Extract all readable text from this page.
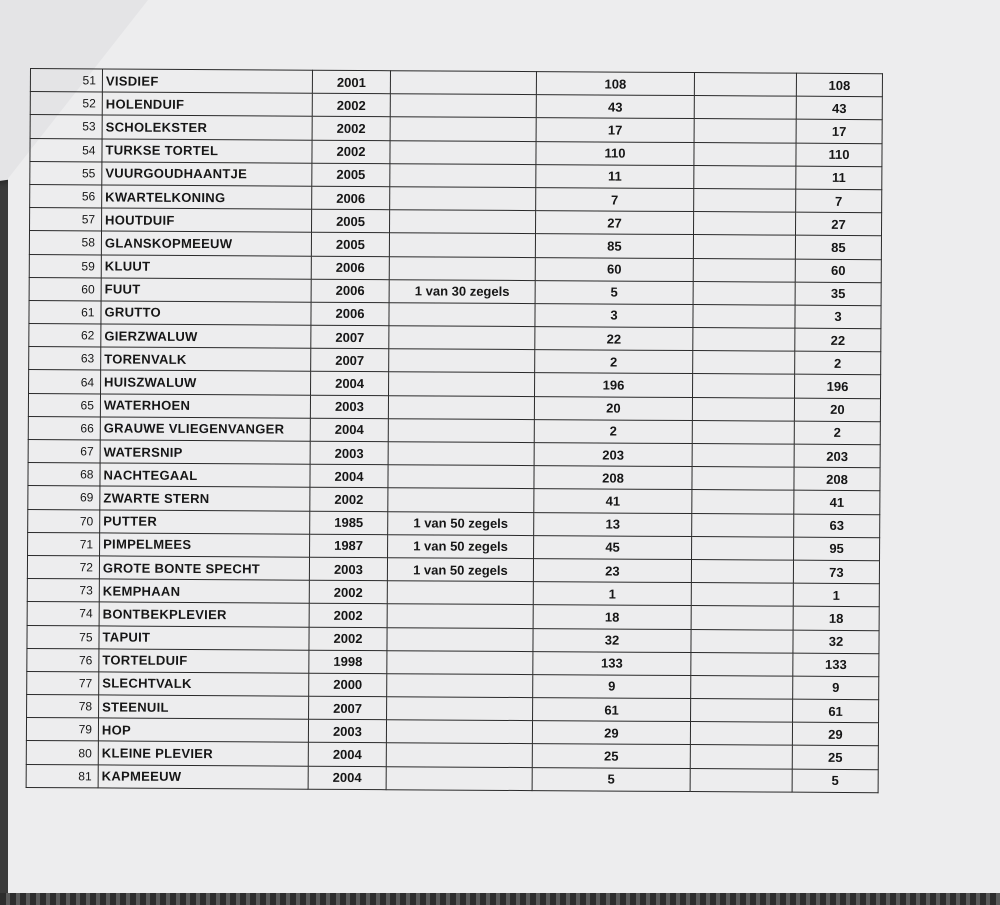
51	VISDIEF	2001		108		108
52	HOLENDUIF	2002		43		43
53	SCHOLEKSTER	2002		17		17
54	TURKSE TORTEL	2002		110		110
55	VUURGOUDHAANTJE	2005		11		11
56	KWARTELKONING	2006		7		7
57	HOUTDUIF	2005		27		27
58	GLANSKOPMEEUW	2005		85		85
59	KLUUT	2006		60		60
60	FUUT	2006	1 van 30 zegels	5		35
61	GRUTTO	2006		3		3
62	GIERZWALUW	2007		22		22
63	TORENVALK	2007		2		2
64	HUISZWALUW	2004		196		196
65	WATERHOEN	2003		20		20
66	GRAUWE VLIEGENVANGER	2004		2		2
67	WATERSNIP	2003		203		203
68	NACHTEGAAL	2004		208		208
69	ZWARTE STERN	2002		41		41
70	PUTTER	1985	1 van 50 zegels	13		63
71	PIMPELMEES	1987	1 van 50 zegels	45		95
72	GROTE BONTE SPECHT	2003	1 van 50 zegels	23		73
73	KEMPHAAN	2002		1		1
74	BONTBEKPLEVIER	2002		18		18
75	TAPUIT	2002		32		32
76	TORTELDUIF	1998		133		133
77	SLECHTVALK	2000		9		9
78	STEENUIL	2007		61		61
79	HOP	2003		29		29
80	KLEINE PLEVIER	2004		25		25
81	KAPMEEUW	2004		5		5
